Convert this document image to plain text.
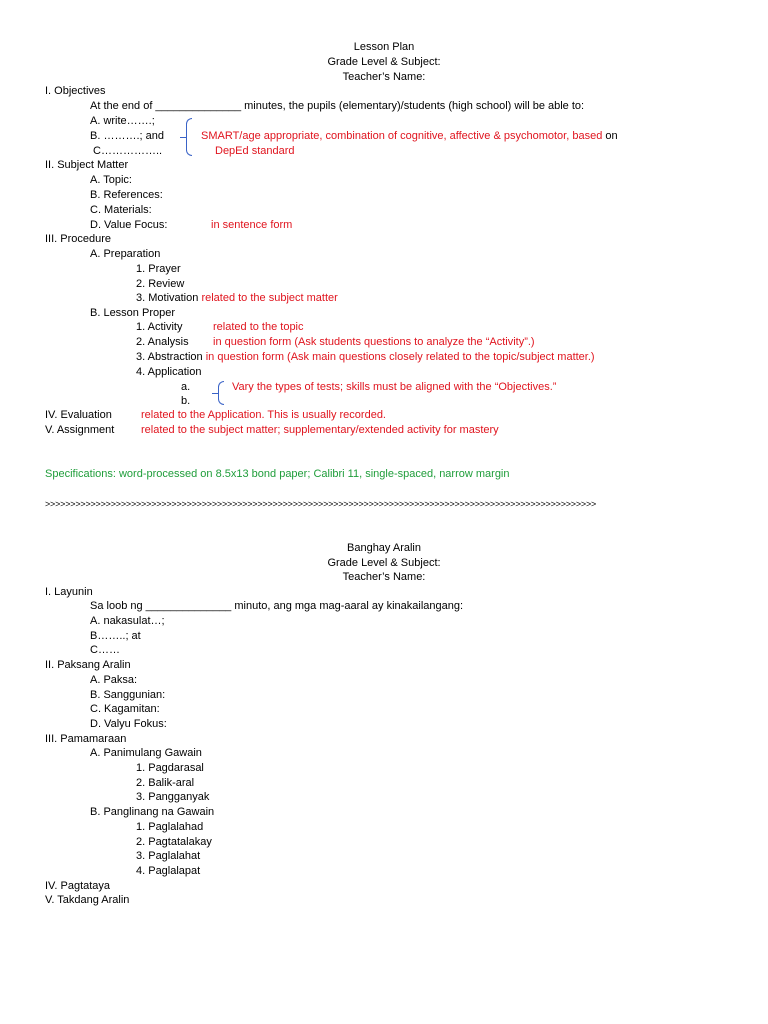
Lesson Plan
Grade Level & Subject:
Teacher’s Name:
I. Objectives
At the end of ______________ minutes, the pupils (elementary)/students (high school) will be able to:
A. write…….;
B. ……….; and
C……………..
SMART/age appropriate, combination of cognitive, affective & psychomotor, based on
DepEd standard
II. Subject Matter
A. Topic:
B. References:
C. Materials:
D. Value Focus:	in sentence form
III. Procedure
A. Preparation
1. Prayer
2. Review
3. Motivation related to the subject matter
B. Lesson Proper
1. Activity	related to the topic
2. Analysis in question form (Ask students questions to analyze the “Activity”.)
3. Abstraction in question form (Ask main questions closely related to the topic/subject matter.)
4. Application
a.
b.
Vary the types of tests; skills must be aligned with the “Objectives.”
IV. Evaluation	related to the Application. This is usually recorded.
V. Assignment related to the subject matter; supplementary/extended activity for mastery
Specifications: word-processed on 8.5x13 bond paper; Calibri 11, single-spaced, narrow margin
>>>>>>>>>>>>>>>>>>>>>>>>>>>>>>>>>>>>>>>>>>>>>>>>>>>>>>>>>>>>>>>>>>>>>>>>>>>>>>>>>>>>>>>>>>>>>>>>>>>>>>>>>>>>>
Banghay Aralin
Grade Level & Subject:
Teacher’s Name:
I. Layunin
Sa loob ng ______________ minuto, ang mga mag-aaral ay kinakailangang:
A. nakasulat…;
B……..; at
C……
II. Paksang Aralin
A. Paksa:
B. Sanggunian:
C. Kagamitan:
D. Valyu Fokus:
III. Pamamaraan
A. Panimulang Gawain
1. Pagdarasal
2. Balik-aral
3. Pangganyak
B. Panglinang na Gawain
1. Paglalahad
2. Pagtatalakay
3. Paglalahat
4. Paglalapat
IV. Pagtataya
V. Takdang Aralin
